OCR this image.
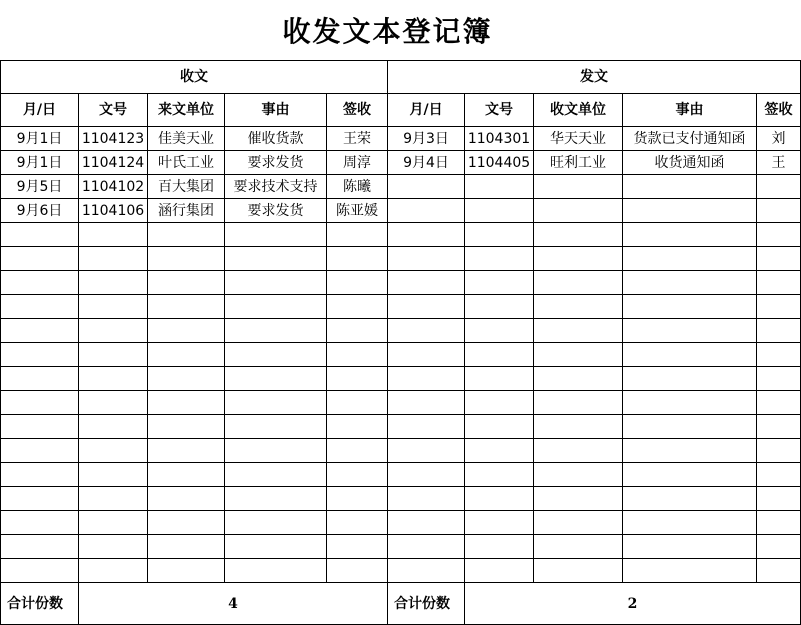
收发文本登记簿
收文					发文				
月/日	文号	来文单位	事由	签收	月/日	文号	收文单位	事由	签收
9月1日	1104123	佳美天业	催收货款	王荣	9月3日	1104301	华天天业	货款已支付通知函	刘
9月1日	1104124	叶氏工业	要求发货	周淳	9月4日	1104405	旺利工业	收货通知函	王
9月5日	1104102	百大集团	要求技术支持	陈曦					
9月6日	1104106	涵行集团	要求发货	陈亚媛					

合计份数	4				合计份数	2			
